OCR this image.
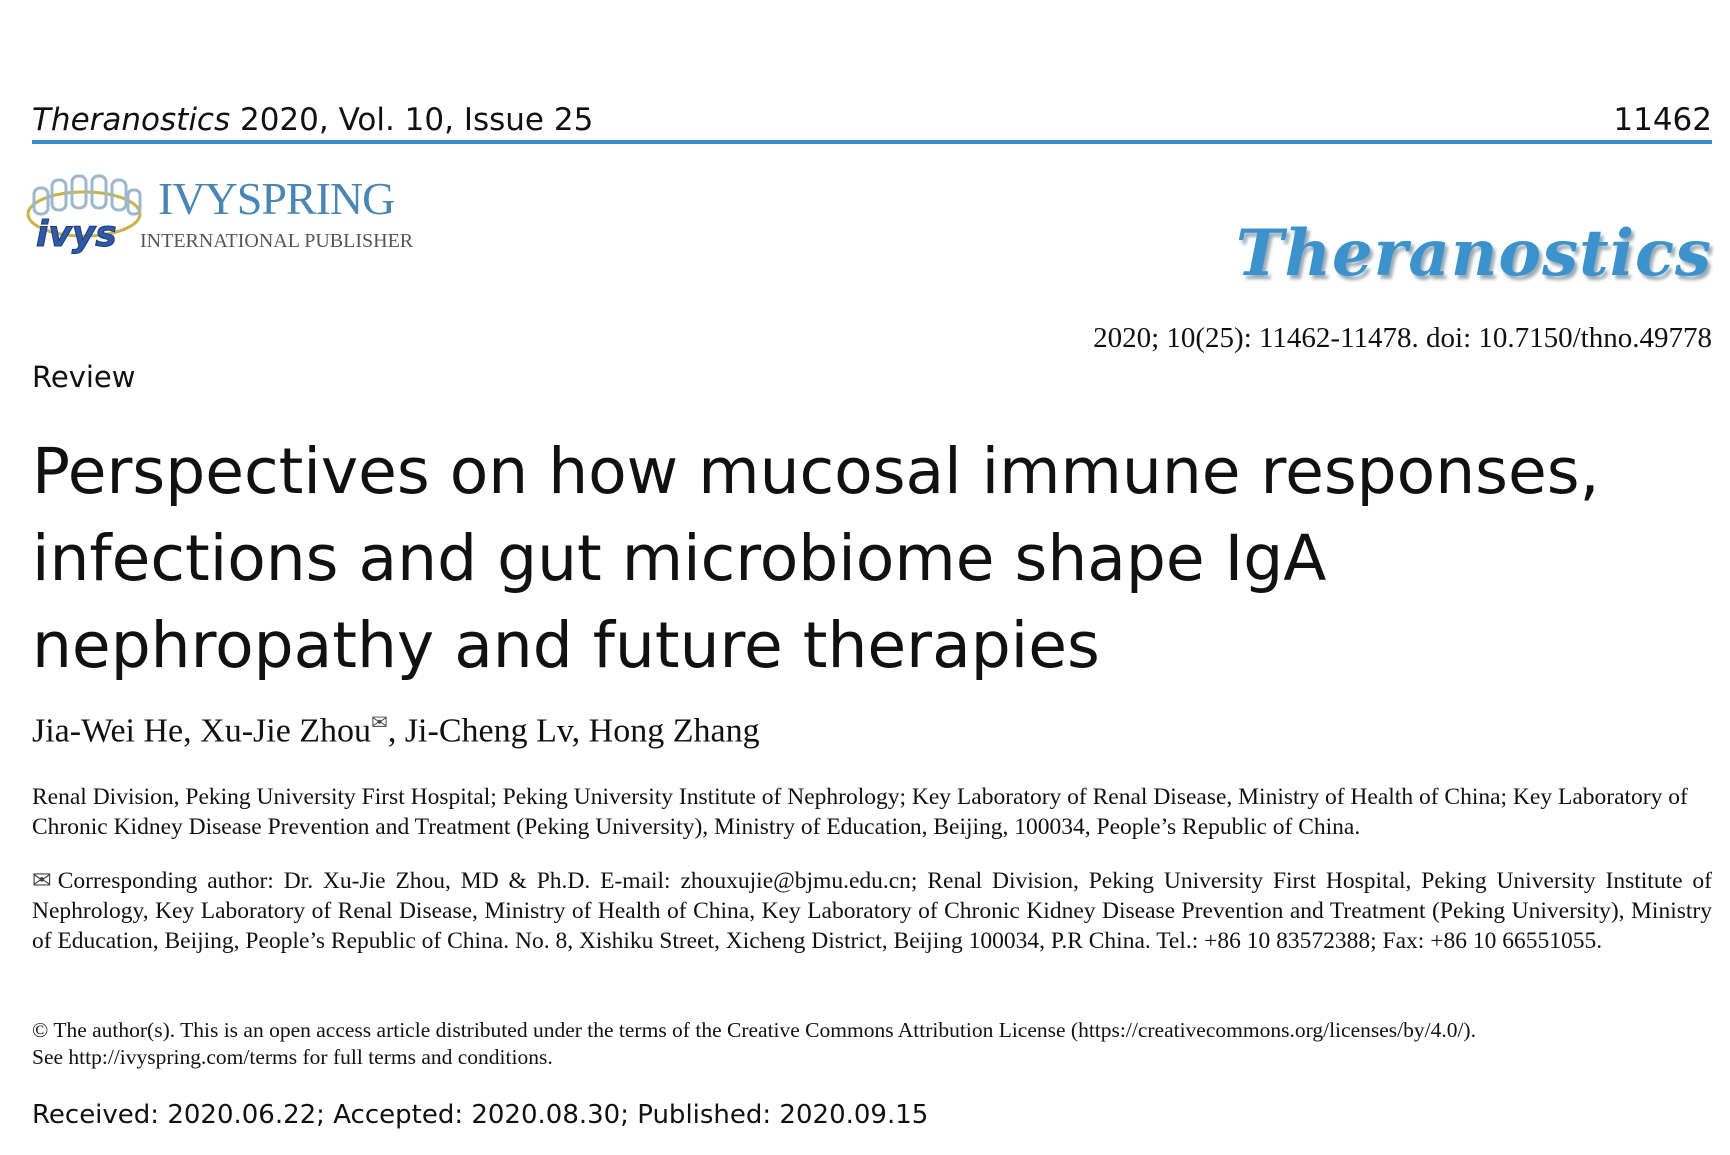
Theranostics 2020, Vol. 10, Issue 25	11462
ivys
IVYSPRING
INTERNATIONAL PUBLISHER	Theranostics
2020; 10(25): 11462-11478. doi: 10.7150/thno.49778
Review
Perspectives on how mucosal immune responses, infections and gut microbiome shape IgA nephropathy and future therapies
Jia-Wei He, Xu-Jie Zhou✉, Ji-Cheng Lv, Hong Zhang
Renal Division, Peking University First Hospital; Peking University Institute of Nephrology; Key Laboratory of Renal Disease, Ministry of Health of China; Key Laboratory of Chronic Kidney Disease Prevention and Treatment (Peking University), Ministry of Education, Beijing, 100034, People’s Republic of China.
✉ Corresponding author: Dr. Xu-Jie Zhou, MD & Ph.D. E-mail: zhouxujie@bjmu.edu.cn; Renal Division, Peking University First Hospital, Peking University Institute of Nephrology, Key Laboratory of Renal Disease, Ministry of Health of China, Key Laboratory of Chronic Kidney Disease Prevention and Treatment (Peking University), Ministry of Education, Beijing, People’s Republic of China. No. 8, Xishiku Street, Xicheng District, Beijing 100034, P.R China. Tel.: +86 10 83572388; Fax: +86 10 66551055.
© The author(s). This is an open access article distributed under the terms of the Creative Commons Attribution License (https://creativecommons.org/licenses/by/4.0/).
See http://ivyspring.com/terms for full terms and conditions.
Received: 2020.06.22; Accepted: 2020.08.30; Published: 2020.09.15
